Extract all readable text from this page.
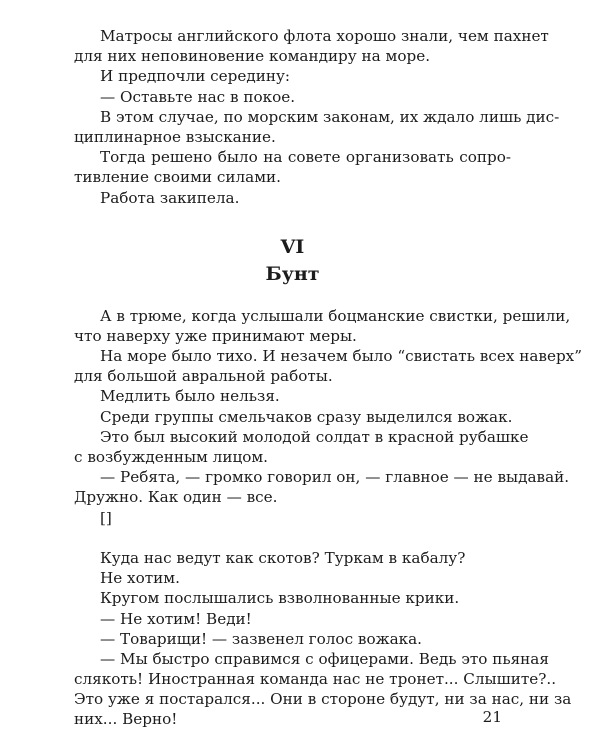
Матросы английского флота хорошо знали, чем пахнет
для них неповиновение командиру на море.
И предпочли середину:
— Оставьте нас в покое.
В этом случае, по морским законам, их ждало лишь дис-
циплинарное взыскание.
Тогда решено было на совете организовать сопро-
тивление своими силами.
Работа закипела.
VI
Бунт
А в трюме, когда услышали боцманские свистки, решили,
что наверху уже принимают меры.
На море было тихо. И незачем было “свистать всех наверх”
для большой авральной работы.
Медлить было нельзя.
Среди группы смельчаков сразу выделился вожак.
Это был высокий молодой солдат в красной рубашке
с возбужденным лицом.
— Ребята, — громко говорил он, — главное — не выдавай.
Дружно. Как один — все.
[]
Куда нас ведут как скотов? Туркам в кабалу?
Не хотим.
Кругом послышались взволнованные крики.
— Не хотим! Веди!
— Товарищи! — зазвенел голос вожака.
— Мы быстро справимся с офицерами. Ведь это пьяная
слякоть! Иностранная команда нас не тронет... Слышите?..
Это уже я постарался... Они в стороне будут, ни за нас, ни за
них... Верно!	21
